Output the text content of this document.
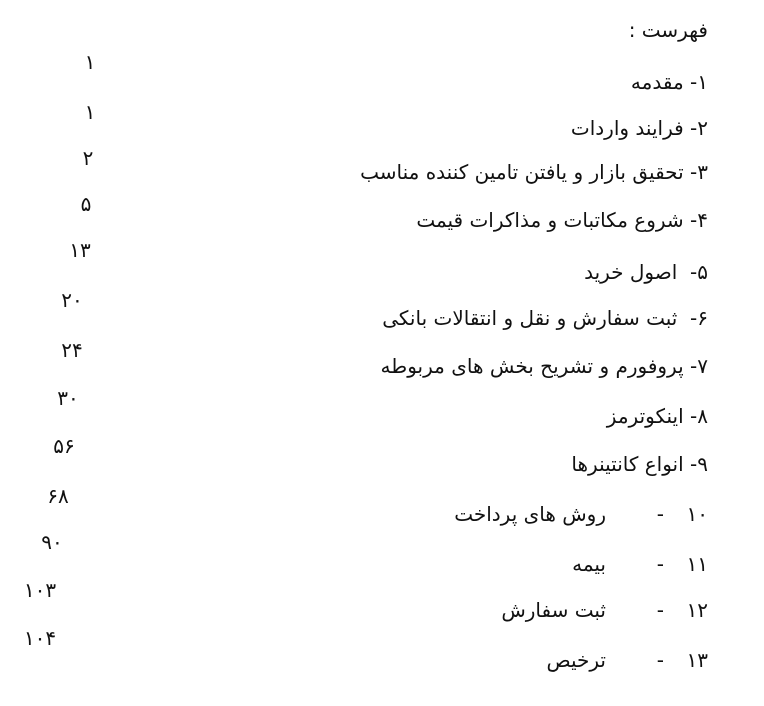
فهرست :
۱- مقدمه
۲- فرایند واردات
۳- تحقیق بازار و یافتن تامین کننده مناسب
۴- شروع مکاتبات و مذاکرات قیمت
۵-  اصول خرید
۶-  ثبت سفارش و نقل و انتقالات بانکی
۷- پروفورم و تشریح بخش های مربوطه
۸- اینکوترمز
۹- انواع کانتینرها
۱۰-روش های پرداخت
۱۱-بیمه
۱۲-ثبت سفارش
۱۳-ترخیص
۱
۱
۲
۵
۱۳
۲۰
۲۴
۳۰
۵۶
۶۸
۹۰
۱۰۳
۱۰۴
